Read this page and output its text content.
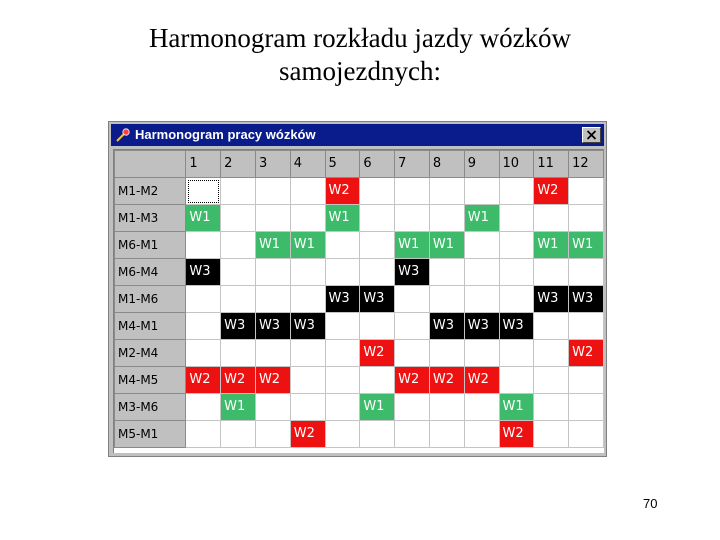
Harmonogram rozkładu jazdy wózków
samojezdnych:
Harmonogram pracy wózków
	1	2	3	4	5	6	7	8	9	10	11	12
M1-M2					W2						W2	
M1-M3	W1				W1				W1			
M6-M1			W1	W1			W1	W1			W1	W1
M6-M4	W3						W3					
M1-M6					W3	W3					W3	W3
M4-M1		W3	W3	W3				W3	W3	W3		
M2-M4						W2						W2
M4-M5	W2	W2	W2				W2	W2	W2			
M3-M6		W1				W1				W1		
M5-M1				W2						W2		
70
